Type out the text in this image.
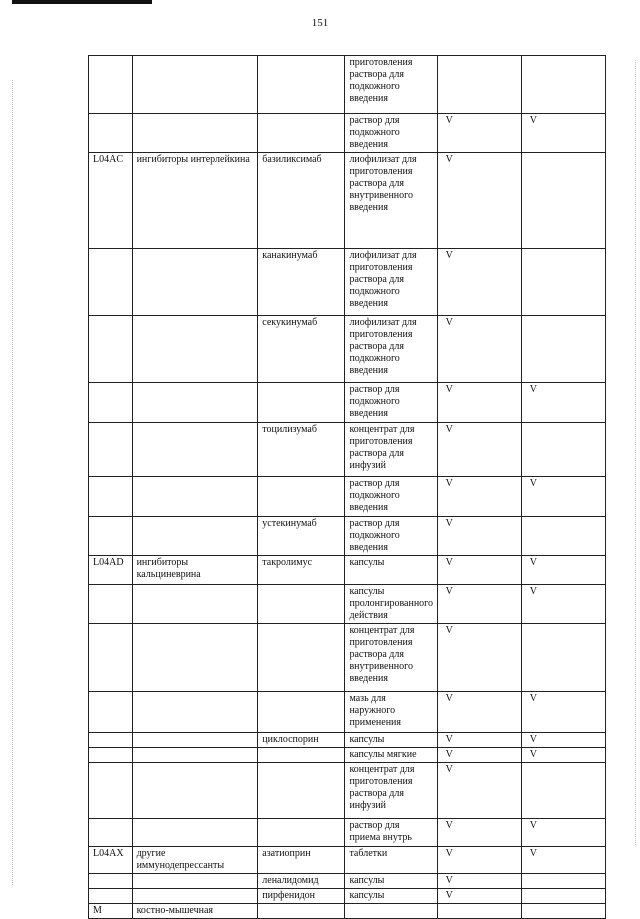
151
			приготовления раствора для подкожного введения		
			раствор для подкожного введения	V	V
L04AC	ингибиторы интерлейкина	базиликсимаб	лиофилизат для приготовления раствора для внутривенного введения	V	
		канакинумаб	лиофилизат для приготовления раствора для подкожного введения	V	
		секукинумаб	лиофилизат для приготовления раствора для подкожного введения	V	
			раствор для подкожного введения	V	V
		тоцилизумаб	концентрат для приготовления раствора для инфузий	V	
			раствор для подкожного введения	V	V
		устекинумаб	раствор для подкожного введения	V	
L04AD	ингибиторы кальциневрина	такролимус	капсулы	V	V
			капсулы пролонгированного действия	V	V
			концентрат для приготовления раствора для внутривенного введения	V	
			мазь для наружного применения	V	V
		циклоспорин	капсулы	V	V
			капсулы мягкие	V	V
			концентрат для приготовления раствора для инфузий	V	
			раствор для приема внутрь	V	V
L04AX	другие иммунодепрессанты	азатиоприн	таблетки	V	V
		леналидомид	капсулы	V	
		пирфенидон	капсулы	V	
M	костно-мышечная				
